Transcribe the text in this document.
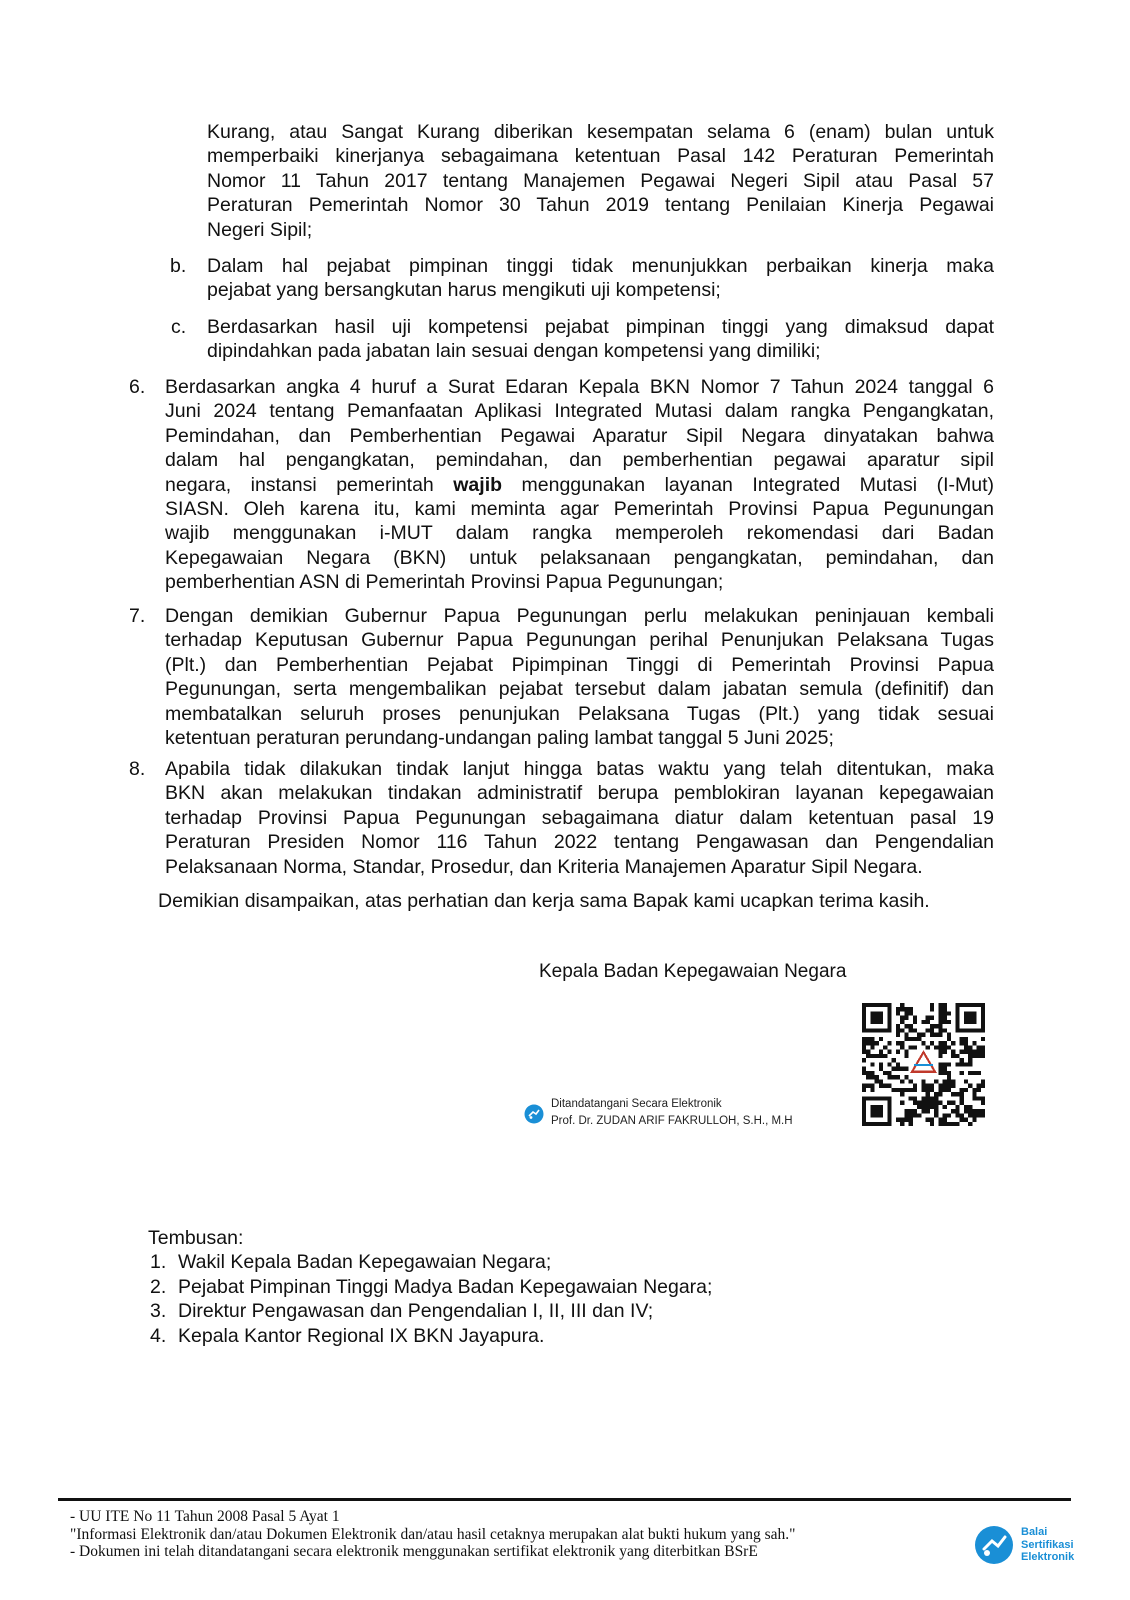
Kurang, atau Sangat Kurang diberikan kesempatan selama 6 (enam) bulan untuk
memperbaiki kinerjanya sebagaimana ketentuan Pasal 142 Peraturan Pemerintah
Nomor 11 Tahun 2017 tentang Manajemen Pegawai Negeri Sipil atau Pasal 57
Peraturan Pemerintah Nomor 30 Tahun 2019 tentang Penilaian Kinerja Pegawai
Negeri Sipil;
b. Dalam hal pejabat pimpinan tinggi tidak menunjukkan perbaikan kinerja maka
pejabat yang bersangkutan harus mengikuti uji kompetensi;
c. Berdasarkan hasil uji kompetensi pejabat pimpinan tinggi yang dimaksud dapat
dipindahkan pada jabatan lain sesuai dengan kompetensi yang dimiliki;
6. Berdasarkan angka 4 huruf a Surat Edaran Kepala BKN Nomor 7 Tahun 2024 tanggal 6
Juni 2024 tentang Pemanfaatan Aplikasi Integrated Mutasi dalam rangka Pengangkatan,
Pemindahan, dan Pemberhentian Pegawai Aparatur Sipil Negara dinyatakan bahwa
dalam hal pengangkatan, pemindahan, dan pemberhentian pegawai aparatur sipil
negara, instansi pemerintah wajib menggunakan layanan Integrated Mutasi (I-Mut)
SIASN. Oleh karena itu, kami meminta agar Pemerintah Provinsi Papua Pegunungan
wajib menggunakan i-MUT dalam rangka memperoleh rekomendasi dari Badan
Kepegawaian Negara (BKN) untuk pelaksanaan pengangkatan, pemindahan, dan
pemberhentian ASN di Pemerintah Provinsi Papua Pegunungan;
7. Dengan demikian Gubernur Papua Pegunungan perlu melakukan peninjauan kembali
terhadap Keputusan Gubernur Papua Pegunungan perihal Penunjukan Pelaksana Tugas
(Plt.) dan Pemberhentian Pejabat Pipimpinan Tinggi di Pemerintah Provinsi Papua
Pegunungan, serta mengembalikan pejabat tersebut dalam jabatan semula (definitif) dan
membatalkan seluruh proses penunjukan Pelaksana Tugas (Plt.) yang tidak sesuai
ketentuan peraturan perundang-undangan paling lambat tanggal 5 Juni 2025;
8. Apabila tidak dilakukan tindak lanjut hingga batas waktu yang telah ditentukan, maka
BKN akan melakukan tindakan administratif berupa pemblokiran layanan kepegawaian
terhadap Provinsi Papua Pegunungan sebagaimana diatur dalam ketentuan pasal 19
Peraturan Presiden Nomor 116 Tahun 2022 tentang Pengawasan dan Pengendalian
Pelaksanaan Norma, Standar, Prosedur, dan Kriteria Manajemen Aparatur Sipil Negara.
Demikian disampaikan, atas perhatian dan kerja sama Bapak kami ucapkan terima kasih.
Kepala Badan Kepegawaian Negara
Ditandatangani Secara Elektronik
Prof. Dr. ZUDAN ARIF FAKRULLOH, S.H., M.H
Tembusan:
1. Wakil Kepala Badan Kepegawaian Negara;
2. Pejabat Pimpinan Tinggi Madya Badan Kepegawaian Negara;
3. Direktur Pengawasan dan Pengendalian I, II, III dan IV;
4. Kepala Kantor Regional IX BKN Jayapura.
- UU ITE No 11 Tahun 2008 Pasal 5 Ayat 1
"Informasi Elektronik dan/atau Dokumen Elektronik dan/atau hasil cetaknya merupakan alat bukti hukum yang sah."
- Dokumen ini telah ditandatangani secara elektronik menggunakan sertifikat elektronik yang diterbitkan BSrE
Balai
Sertifikasi
Elektronik
